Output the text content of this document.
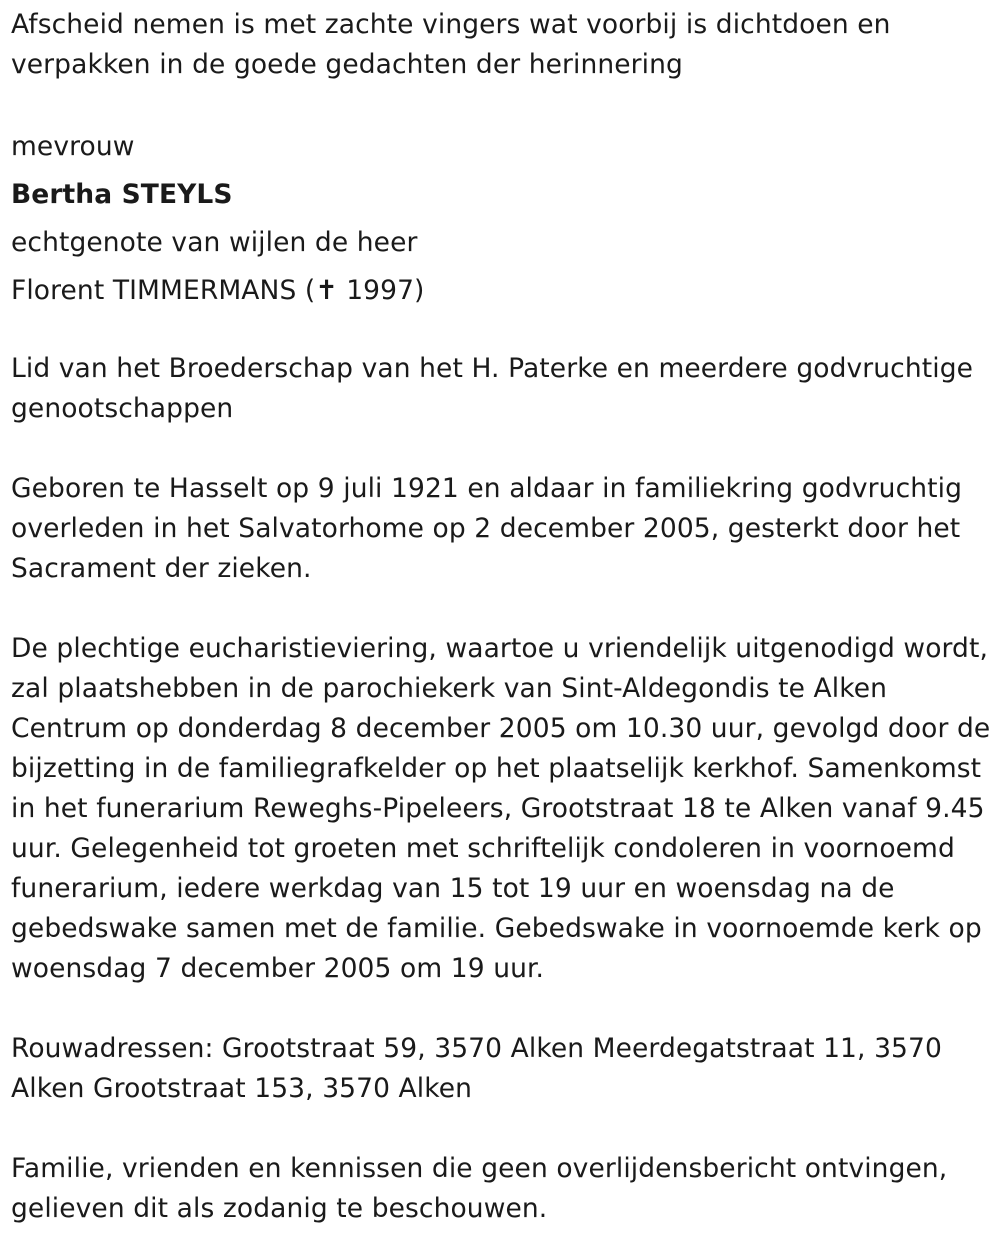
Afscheid nemen is met zachte vingers wat voorbij is dichtdoen en verpakken in de goede gedachten der herinnering

mevrouw
Bertha STEYLS
echtgenote van wijlen de heer
Florent TIMMERMANS (✝ 1997)

Lid van het Broederschap van het H. Paterke en meerdere godvruchtige genootschappen

Geboren te Hasselt op 9 juli 1921 en aldaar in familiekring godvruchtig overleden in het Salvatorhome op 2 december 2005, gesterkt door het Sacrament der zieken.

De plechtige eucharistieviering, waartoe u vriendelijk uitgenodigd wordt, zal plaatshebben in de parochiekerk van Sint-Aldegondis te Alken Centrum op donderdag 8 december 2005 om 10.30 uur, gevolgd door de bijzetting in de familiegrafkelder op het plaatselijk kerkhof. Samenkomst in het funerarium Reweghs-Pipeleers, Grootstraat 18 te Alken vanaf 9.45 uur. Gelegenheid tot groeten met schriftelijk condoleren in voornoemd funerarium, iedere werkdag van 15 tot 19 uur en woensdag na de gebedswake samen met de familie. Gebedswake in voornoemde kerk op woensdag 7 december 2005 om 19 uur.

Rouwadressen: Grootstraat 59, 3570 Alken Meerdegatstraat 11, 3570 Alken Grootstraat 153, 3570 Alken

Familie, vrienden en kennissen die geen overlijdensbericht ontvingen, gelieven dit als zodanig te beschouwen.
